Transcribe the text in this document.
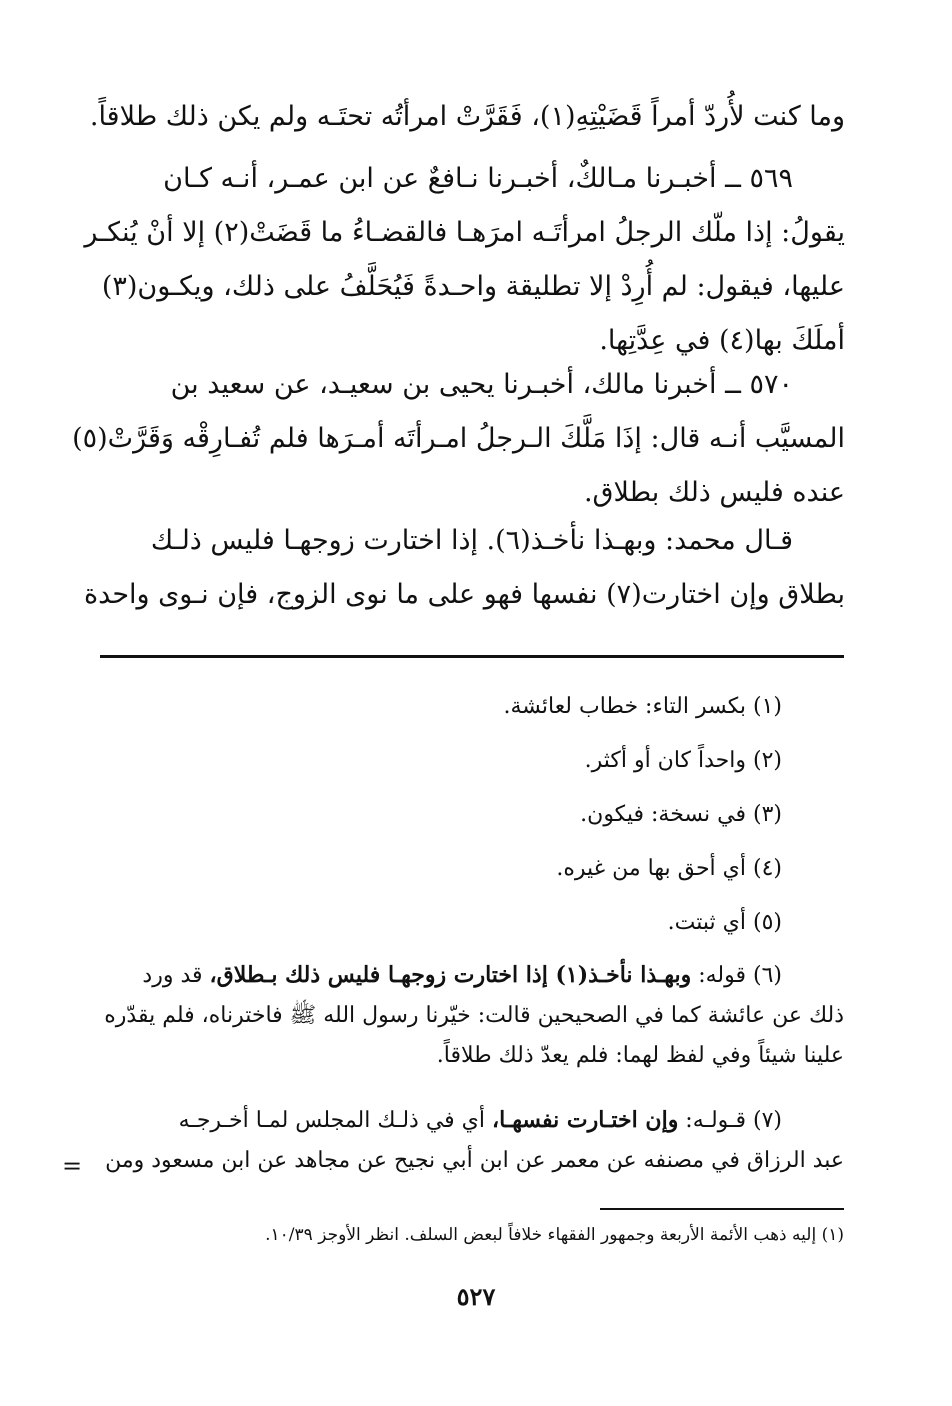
وما كنت لأُردّ أمراً قَضَيْتِهِ(١)، فَقَرَّتْ امرأتُه تحتَـه ولم يكن ذلك طلاقاً.
٥٦٩ ــ أخبـرنا مـالكٌ، أخبـرنا نـافعٌ عن ابن عمـر، أنـه كـان
يقولُ: إذا ملّك الرجلُ امرأتَـه امرَهـا فالقضـاءُ ما قَضَتْ(٢) إلا أنْ يُنكـر
عليها، فيقول: لم أُرِدْ إلا تطليقة واحـدةً فَيُحَلَّفُ على ذلك، ويكـون(٣)
أملَكَ بها(٤) في عِدَّتِها.
٥٧٠ ــ أخبرنا مالك، أخبـرنا يحيى بن سعيـد، عن سعيد بن
المسيَّب أنـه قال: إذَا مَلَّكَ الـرجلُ امـرأتَه أمـرَها فلم تُفـارِقْه وَقَرَّتْ(٥)
عنده فليس ذلك بطلاق.
قـال محمد: وبهـذا نأخـذ(٦). إذا اختارت زوجهـا فليس ذلـك
بطلاق وإن اختارت(٧) نفسها فهو على ما نوى الزوج، فإن نـوى واحدة
(١) بكسر التاء: خطاب لعائشة.
(٢) واحداً كان أو أكثر.
(٣) في نسخة: فيكون.
(٤) أي أحق بها من غيره.
(٥) أي ثبتت.
(٦) قوله: وبهـذا نأخـذ(١) إذا اختارت زوجهـا فليس ذلك بـطلاق، قد ورد
ذلك عن عائشة كما في الصحيحين قالت: خيّرنا رسول الله ﷺ فاخترناه، فلم يقدّره
علينا شيئاً وفي لفظ لهما: فلم يعدّ ذلك طلاقاً.
(٧) قـولـه: وإن اختـارت نفسهـا، أي في ذلـك المجلس لمـا أخـرجـه
عبد الرزاق في مصنفه عن معمر عن ابن أبي نجيح عن مجاهد عن ابن مسعود ومن
=
(١) إليه ذهب الأئمة الأربعة وجمهور الفقهاء خلافاً لبعض السلف. انظر الأوجز ١٠/٣٩.
٥٢٧
